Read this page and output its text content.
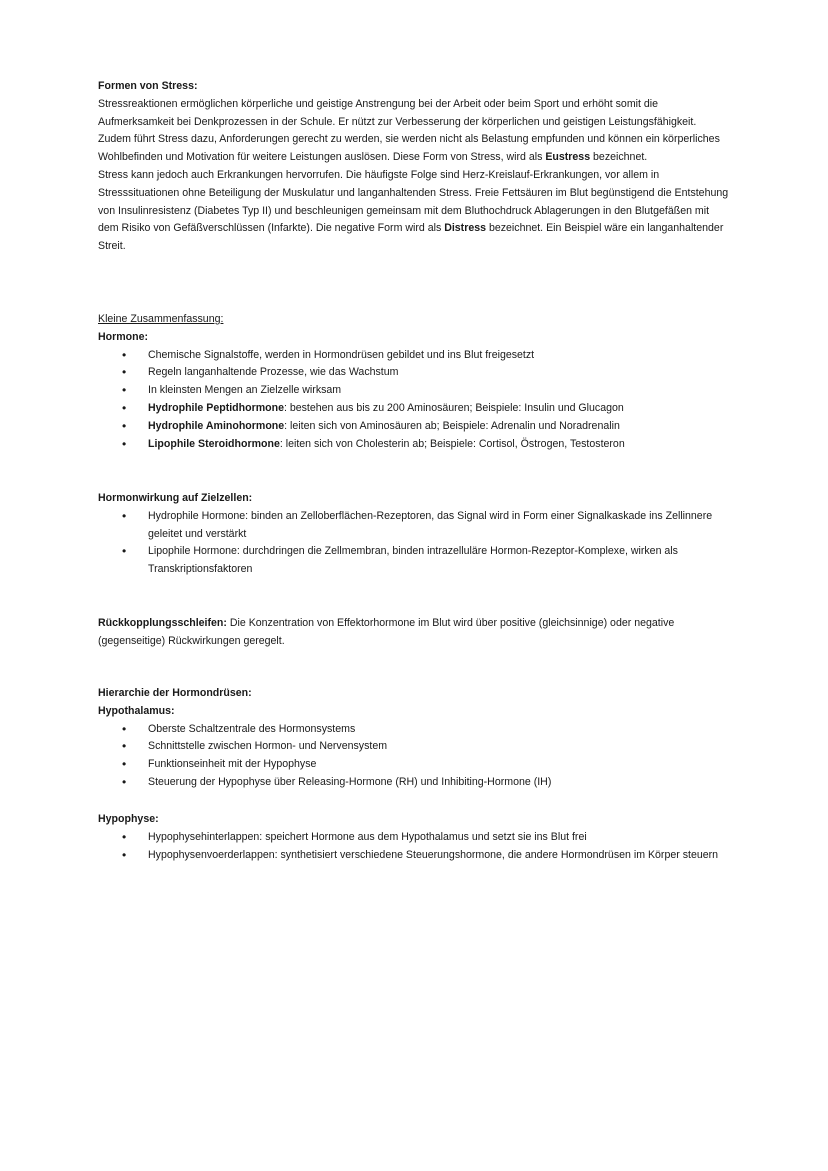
Formen von Stress:

Stressreaktionen ermöglichen körperliche und geistige Anstrengung bei der Arbeit oder beim Sport und erhöht somit die Aufmerksamkeit bei Denkprozessen in der Schule. Er nützt zur Verbesserung der körperlichen und geistigen Leistungsfähigkeit. Zudem führt Stress dazu, Anforderungen gerecht zu werden, sie werden nicht als Belastung empfunden und können ein körperliches Wohlbefinden und Motivation für weitere Leistungen auslösen. Diese Form von Stress, wird als Eustress bezeichnet.

Stress kann jedoch auch Erkrankungen hervorrufen. Die häufigste Folge sind Herz-Kreislauf-Erkrankungen, vor allem in Stresssituationen ohne Beteiligung der Muskulatur und langanhaltenden Stress. Freie Fettsäuren im Blut begünstigend die Entstehung von Insulinresistenz (Diabetes Typ II) und beschleunigen gemeinsam mit dem Bluthochdruck Ablagerungen in den Blutgefäßen mit dem Risiko von Gefäßverschlüssen (Infarkte). Die negative Form wird als Distress bezeichnet. Ein Beispiel wäre ein langanhaltender Streit.

Kleine Zusammenfassung:

Hormone:

• Chemische Signalstoffe, werden in Hormondrüsen gebildet und ins Blut freigesetzt
• Regeln langanhaltende Prozesse, wie das Wachstum
• In kleinsten Mengen an Zielzelle wirksam
• Hydrophile Peptidhormone: bestehen aus bis zu 200 Aminosäuren; Beispiele: Insulin und Glucagon
• Hydrophile Aminohormone: leiten sich von Aminosäuren ab; Beispiele: Adrenalin und Noradrenalin
• Lipophile Steroidhormone: leiten sich von Cholesterin ab; Beispiele: Cortisol, Östrogen, Testosteron

Hormonwirkung auf Zielzellen:

• Hydrophile Hormone: binden an Zelloberflächen-Rezeptoren, das Signal wird in Form einer Signalkaskade ins Zellinnere geleitet und verstärkt
• Lipophile Hormone: durchdringen die Zellmembran, binden intrazelluläre Hormon-Rezeptor-Komplexe, wirken als Transkriptionsfaktoren

Rückkopplungsschleifen: Die Konzentration von Effektorhormone im Blut wird über positive (gleichsinnige) oder negative (gegenseitige) Rückwirkungen geregelt.

Hierarchie der Hormondrüsen:

Hypothalamus:

• Oberste Schaltzentrale des Hormonsystems
• Schnittstelle zwischen Hormon- und Nervensystem
• Funktionseinheit mit der Hypophyse
• Steuerung der Hypophyse über Releasing-Hormone (RH) und Inhibiting-Hormone (IH)

Hypophyse:

• Hypophysehinterlappen: speichert Hormone aus dem Hypothalamus und setzt sie ins Blut frei
• Hypophysenvoerderlappen: synthetisiert verschiedene Steuerungshormone, die andere Hormondrüsen im Körper steuern
